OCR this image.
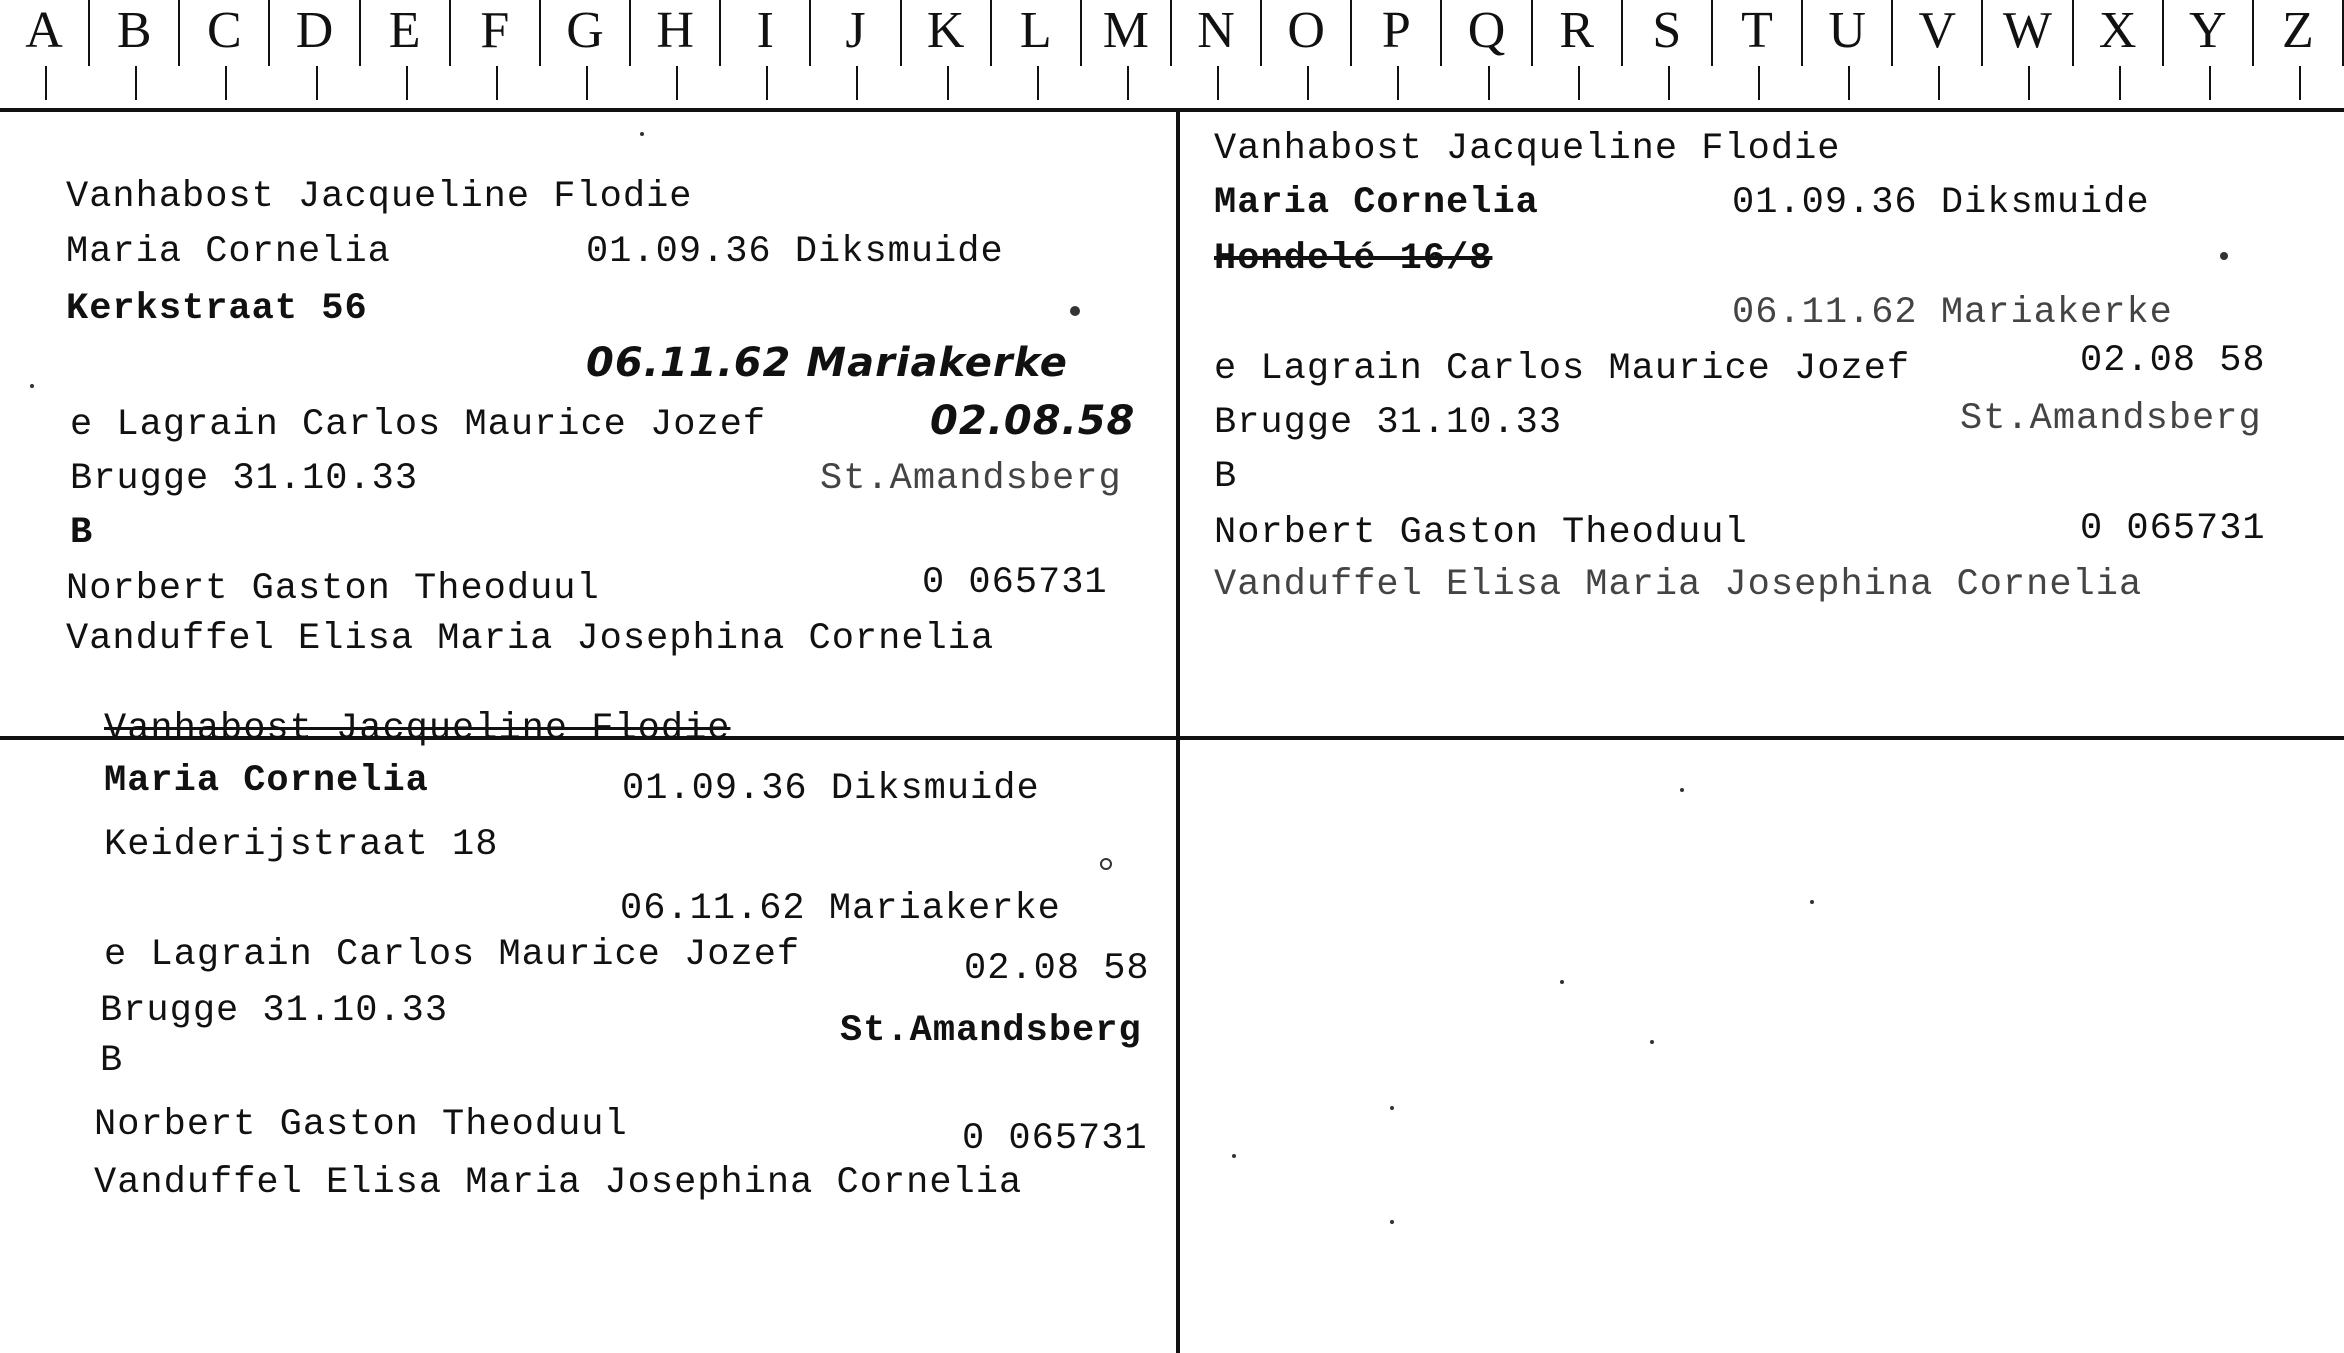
A	B	C	D	E	F	G	H	I	J	K	L M N	O	P	Q	R	S	T	U	V W X	Y	Z
Vanhabost Jacqueline Flodie
Maria Cornelia	01.09.36 Diksmuide
Kerkstraat 56
06.11.62 Mariakerke
e Lagrain Carlos Maurice Jozef	02.08.58
Brugge 31.10.33	St.Amandsberg
B
Norbert Gaston Theoduul	0 065731
Vanduffel Elisa Maria Josephina Cornelia
Vanhabost Jacqueline Flodie
Maria Cornelia	01.09.36 Diksmuide
Hondelé 16/8
06.11.62 Mariakerke
e Lagrain Carlos Maurice Jozef	02.08 58
Brugge 31.10.33	St.Amandsberg
B
Norbert Gaston Theoduul	0 065731
Vanduffel Elisa Maria Josephina Cornelia
Vanhabost Jacqueline Flodie
Maria Cornelia	01.09.36 Diksmuide
Keiderijstraat 18
06.11.62 Mariakerke
e Lagrain Carlos Maurice Jozef	02.08 58
Brugge 31.10.33	St.Amandsberg
B
Norbert Gaston Theoduul	0 065731
Vanduffel Elisa Maria Josephina Cornelia
